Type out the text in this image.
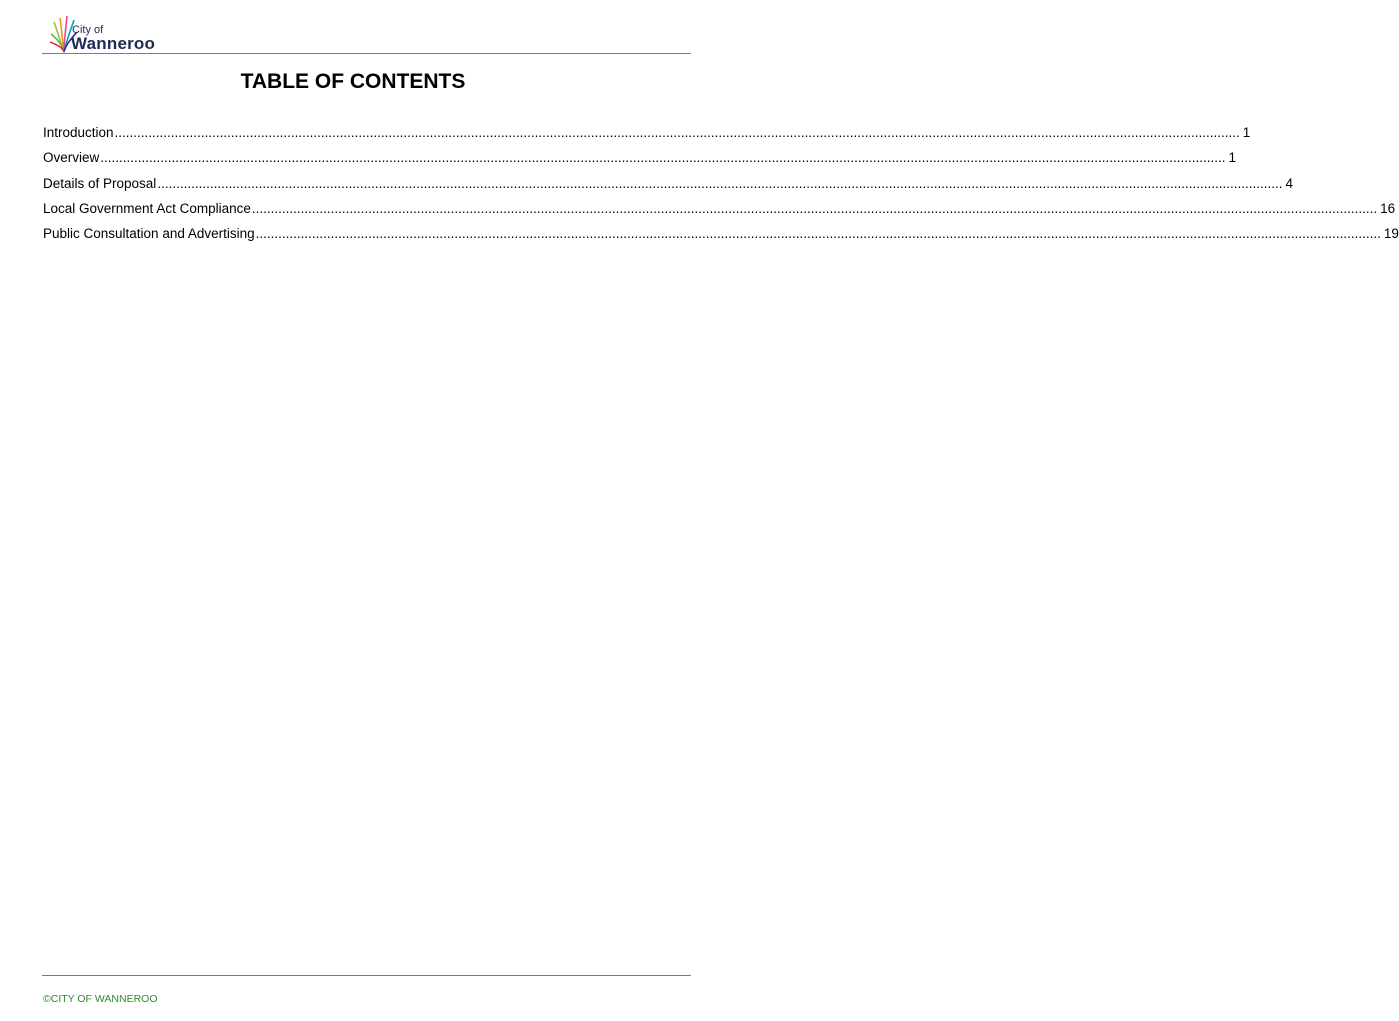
City of
Wanneroo
TABLE OF CONTENTS
Introduction ............................................................................................................................................................................................................................................................................................................ 1
Overview ............................................................................................................................................................................................................................................................................................................ 1
Details of Proposal ............................................................................................................................................................................................................................................................................................................ 4
Local Government Act Compliance ............................................................................................................................................................................................................................................................................................................ 16
Public Consultation and Advertising ............................................................................................................................................................................................................................................................................................................ 19
©CITY OF WANNEROO
